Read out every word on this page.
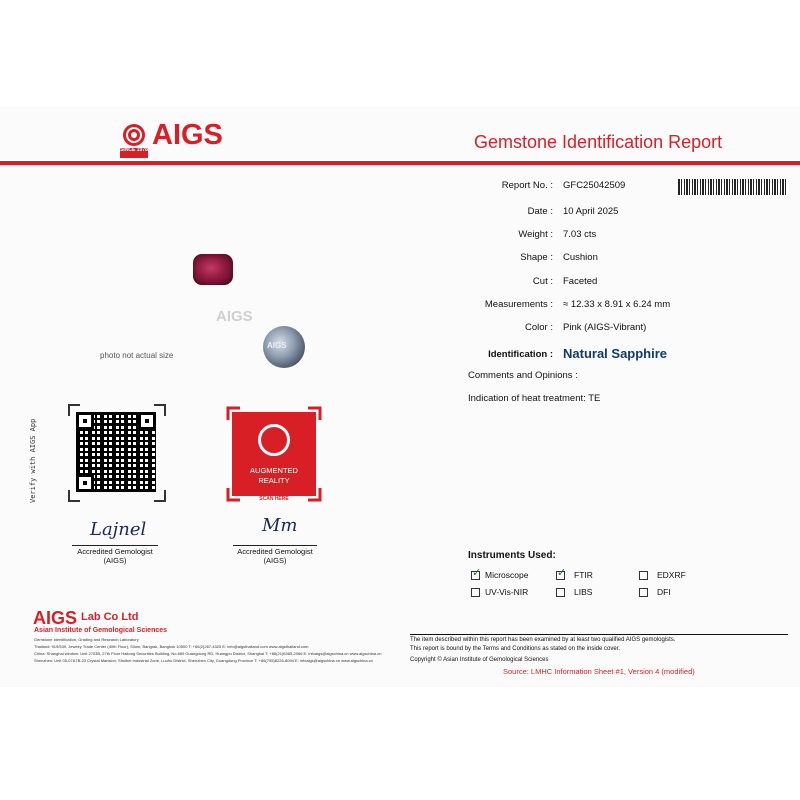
SINCE 1978 AIGS	Gemstone Identification Report
Report No. : GFC25042509
Date : 10 April 2025
Weight : 7.03 cts
Shape : Cushion
Cut : Faceted
Measurements : ≈ 12.33 x 8.91 x 6.24 mm
Color : Pink (AIGS-Vibrant)
Identification : Natural Sapphire
Comments and Opinions :
Indication of heat treatment: TE
AIGS
AIGS
photo not actual size
Verify with AIGS App	AUGMENTED
REALITY
SCAN HERE
Lajnel
Accredited Gemologist
(AIGS)
Mm
Accredited Gemologist
(AIGS)
AIGS Lab Co Ltd
Asian Institute of Gemological Sciences
Gemstone Identification, Grading and Research Laboratory
Thailand: 919/539, Jewelry Trade Center (40th Floor), Silom, Bangrak, Bangkok 10500 T: +66(2)267-4325 E: info@aigsthailand.com www.aigsthailand.com
China: Shanghai window: Unit 2703B, 27th Floor Haitong Securities Building, No.689 Guangdong RD, Huangpu District, Shanghai T: +86(21)6385-2066 E: infoaigs@aigschina.cn www.aigschina.cn
Shenzhen: Unit 05-07A7B-23 Crystal Mansion, Shuibei Industrial Zone, Luohu District, Shenzhen City, Guangdong Province T: +86(755)8226-8094 E: infoaigs@aigschina.cn www.aigschina.cn
Instruments Used:
✓
Microscope
✓	FTIR	EDXRF
UV-Vis-NIR	LIBS	DFI
The item described within this report has been examined by at least two qualified AIGS gemologists.
This report is bound by the Terms and Conditions as stated on the inside cover.
Copyright © Asian Institute of Gemological Sciences
Source: LMHC Information Sheet #1, Version 4 (modified)
